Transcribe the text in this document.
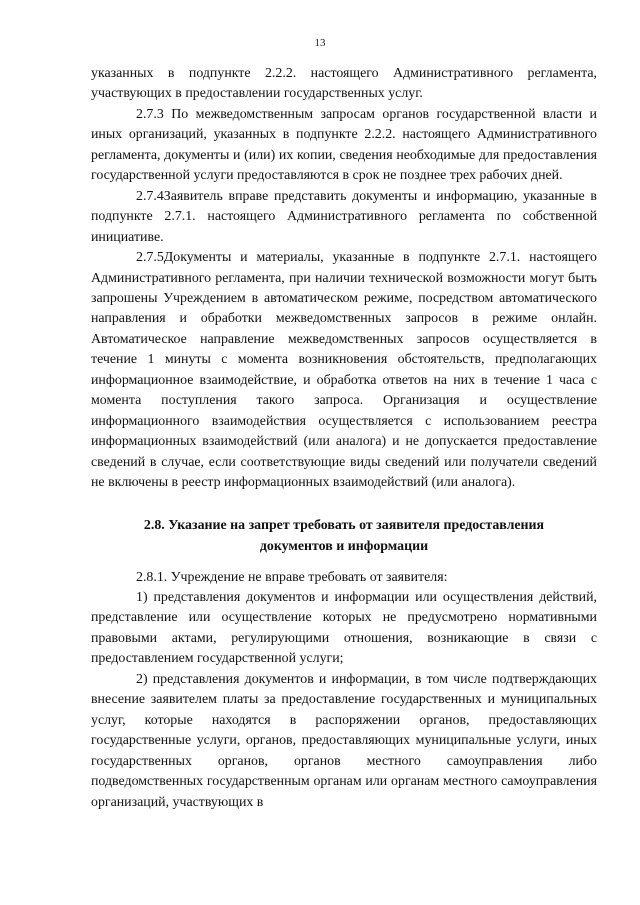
13

указанных в подпункте 2.2.2. настоящего Административного регламента, участвующих в предоставлении государственных услуг.

2.7.3 По межведомственным запросам органов государственной власти и иных организаций, указанных в подпункте 2.2.2. настоящего Административного регламента, документы и (или) их копии, сведения необходимые для предоставления государственной услуги предоставляются в срок не позднее трех рабочих дней.

2.7.4Заявитель вправе представить документы и информацию, указанные в подпункте 2.7.1. настоящего Административного регламента по собственной инициативе.

2.7.5Документы и материалы, указанные в подпункте 2.7.1. настоящего Административного регламента, при наличии технической возможности могут быть запрошены Учреждением в автоматическом режиме, посредством автоматического направления и обработки межведомственных запросов в режиме онлайн. Автоматическое направление межведомственных запросов осуществляется в течение 1 минуты с момента возникновения обстоятельств, предполагающих информационное взаимодействие, и обработка ответов на них в течение 1 часа с момента поступления такого запроса. Организация и осуществление информационного взаимодействия осуществляется с использованием реестра информационных взаимодействий (или аналога) и не допускается предоставление сведений в случае, если соответствующие виды сведений или получатели сведений не включены в реестр информационных взаимодействий (или аналога).

2.8. Указание на запрет требовать от заявителя предоставления
документов и информации

2.8.1. Учреждение не вправе требовать от заявителя:

1) представления документов и информации или осуществления действий, представление или осуществление которых не предусмотрено нормативными правовыми актами, регулирующими отношения, возникающие в связи с предоставлением государственной услуги;

2) представления документов и информации, в том числе подтверждающих внесение заявителем платы за предоставление государственных и муниципальных услуг, которые находятся в распоряжении органов, предоставляющих государственные услуги, органов, предоставляющих муниципальные услуги, иных государственных органов, органов местного самоуправления либо подведомственных государственным органам или органам местного самоуправления организаций, участвующих в
